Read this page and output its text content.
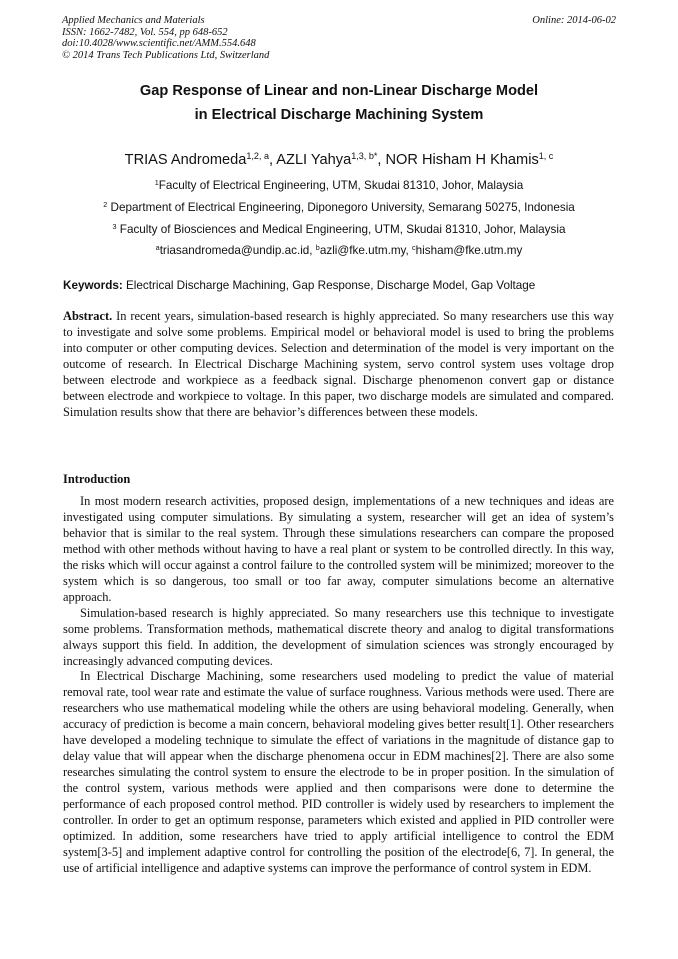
Applied Mechanics and Materials
ISSN: 1662-7482, Vol. 554, pp 648-652
doi:10.4028/www.scientific.net/AMM.554.648
© 2014 Trans Tech Publications Ltd, Switzerland
Online: 2014-06-02
Gap Response of Linear and non-Linear Discharge Model
in Electrical Discharge Machining System
TRIAS Andromeda$^{1,2, a}$, AZLI Yahya$^{1,3, b*}$, NOR Hisham H Khamis$^{1, c}$
$^1$Faculty of Electrical Engineering, UTM, Skudai 81310, Johor, Malaysia
$^2$ Department of Electrical Engineering, Diponegoro University, Semarang 50275, Indonesia
$^3$ Faculty of Biosciences and Medical Engineering, UTM, Skudai 81310, Johor, Malaysia
$^a$triasandromeda@undip.ac.id, $^b$azli@fke.utm.my, $^c$hisham@fke.utm.my
Keywords: Electrical Discharge Machining, Gap Response, Discharge Model, Gap Voltage
Abstract. In recent years, simulation-based research is highly appreciated. So many researchers use this way to investigate and solve some problems. Empirical model or behavioral model is used to bring the problems into computer or other computing devices. Selection and determination of the model is very important on the outcome of research. In Electrical Discharge Machining system, servo control system uses voltage drop between electrode and workpiece as a feedback signal. Discharge phenomenon convert gap or distance between electrode and workpiece to voltage. In this paper, two discharge models are simulated and compared. Simulation results show that there are behavior’s differences between these models.
Introduction

In most modern research activities, proposed design, implementations of a new techniques and ideas are investigated using computer simulations. By simulating a system, researcher will get an idea of system’s behavior that is similar to the real system. Through these simulations researchers can compare the proposed method with other methods without having to have a real plant or system to be controlled directly. In this way, the risks which will occur against a control failure to the controlled system will be minimized; moreover to the system which is so dangerous, too small or too far away, computer simulations become an alternative approach.

Simulation-based research is highly appreciated. So many researchers use this technique to investigate some problems. Transformation methods, mathematical discrete theory and analog to digital transformations always support this field. In addition, the development of simulation sciences was strongly encouraged by increasingly advanced computing devices.

In Electrical Discharge Machining, some researchers used modeling to predict the value of material removal rate, tool wear rate and estimate the value of surface roughness. Various methods were used. There are researchers who use mathematical modeling while the others are using behavioral modeling. Generally, when accuracy of prediction is become a main concern, behavioral modeling gives better result[1]. Other researchers have developed a modeling technique to simulate the effect of variations in the magnitude of distance gap to delay value that will appear when the discharge phenomena occur in EDM machines[2]. There are also some researches simulating the control system to ensure the electrode to be in proper position. In the simulation of the control system, various methods were applied and then comparisons were done to determine the performance of each proposed control method. PID controller is widely used by researchers to implement the controller. In order to get an optimum response, parameters which existed and applied in PID controller were optimized. In addition, some researchers have tried to apply artificial intelligence to control the EDM system[3-5] and implement adaptive control for controlling the position of the electrode[6, 7]. In general, the use of artificial intelligence and adaptive systems can improve the performance of control system in EDM.
